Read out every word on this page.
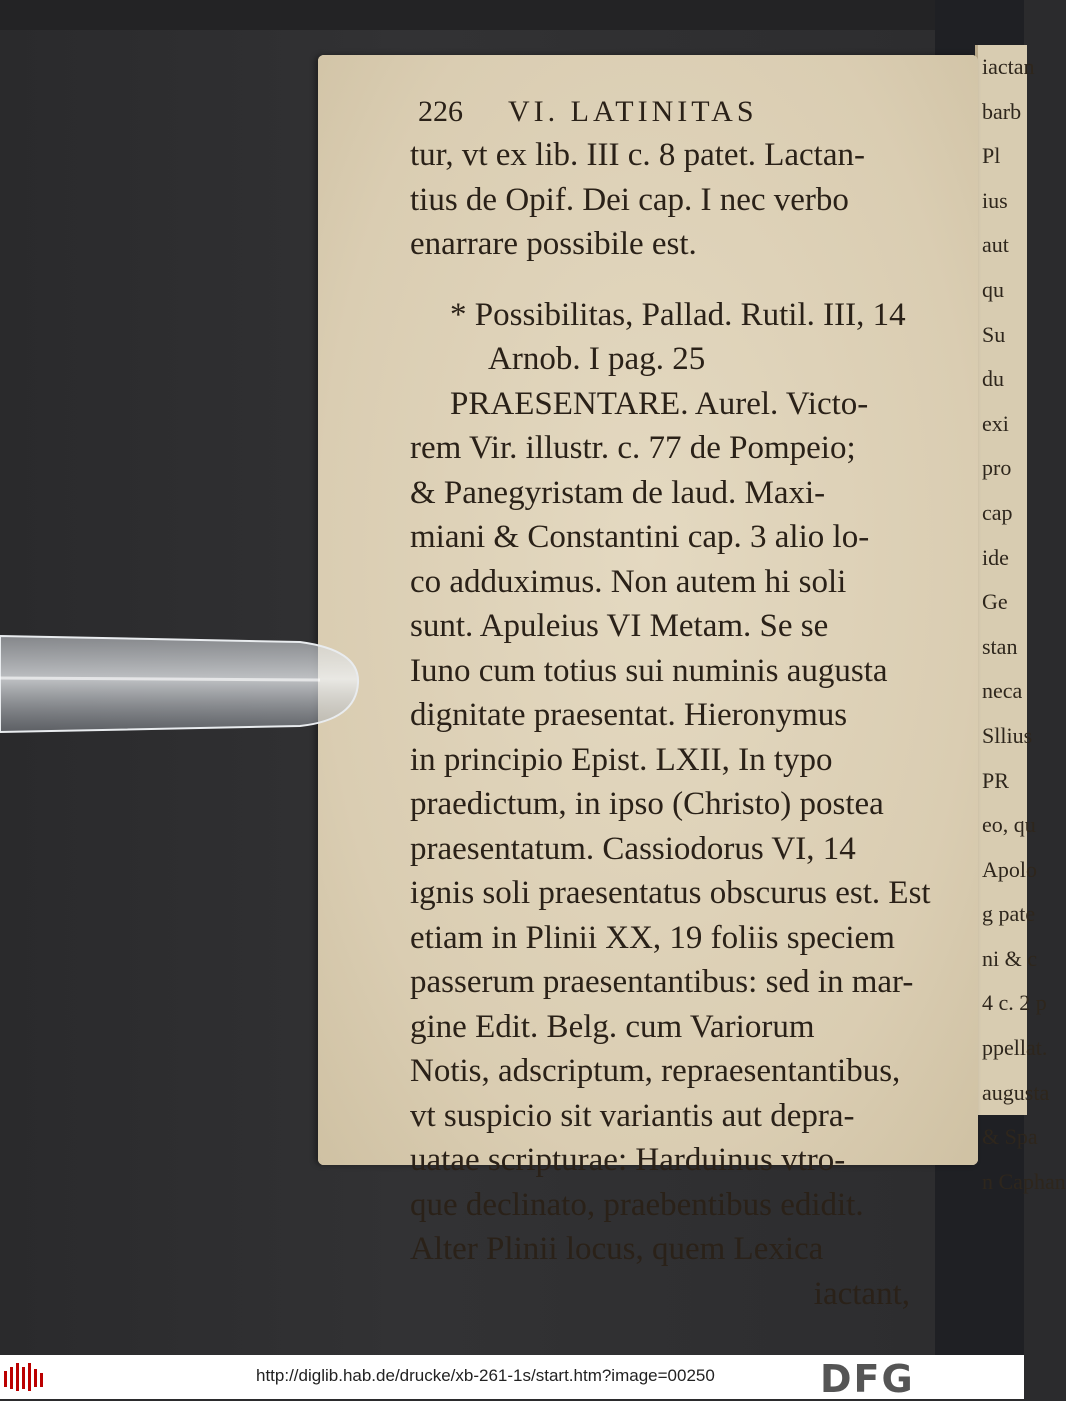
iactan
barb
Pl
ius
aut
qu
Su
du
exi
pro
cap
ide
Ge
stan
neca
Sllius
PR
eo, qu
Apolo
g pate
ni & c
4 c. 2 p
ppellat.
augusta
& Spa
n Caphan
226 VI. LATINITAS
tur, vt ex lib. III c. 8 patet. Lactan-
tius de Opif. Dei cap. I nec verbo
enarrare possibile est.
* Possibilitas, Pallad. Rutil. III, 14
Arnob. I pag. 25
PRAESENTARE. Aurel. Victo-
rem Vir. illustr. c. 77 de Pompeio;
& Panegyristam de laud. Maxi-
miani & Constantini cap. 3 alio lo-
co adduximus. Non autem hi soli
sunt. Apuleius VI Metam. Se se
Iuno cum totius sui numinis augusta
dignitate praesentat. Hieronymus
in principio Epist. LXII, In typo
praedictum, in ipso (Christo) postea
praesentatum. Cassiodorus VI, 14
ignis soli praesentatus obscurus est. Est
etiam in Plinii XX, 19 foliis speciem
passerum praesentantibus: sed in mar-
gine Edit. Belg. cum Variorum
Notis, adscriptum, repraesentantibus,
vt suspicio sit variantis aut depra-
uatae scripturae: Harduinus vtro-
que declinato, praebentibus edidit.
Alter Plinii locus, quem Lexica
iactant,
http://diglib.hab.de/drucke/xb-261-1s/start.htm?image=00250	DFG
